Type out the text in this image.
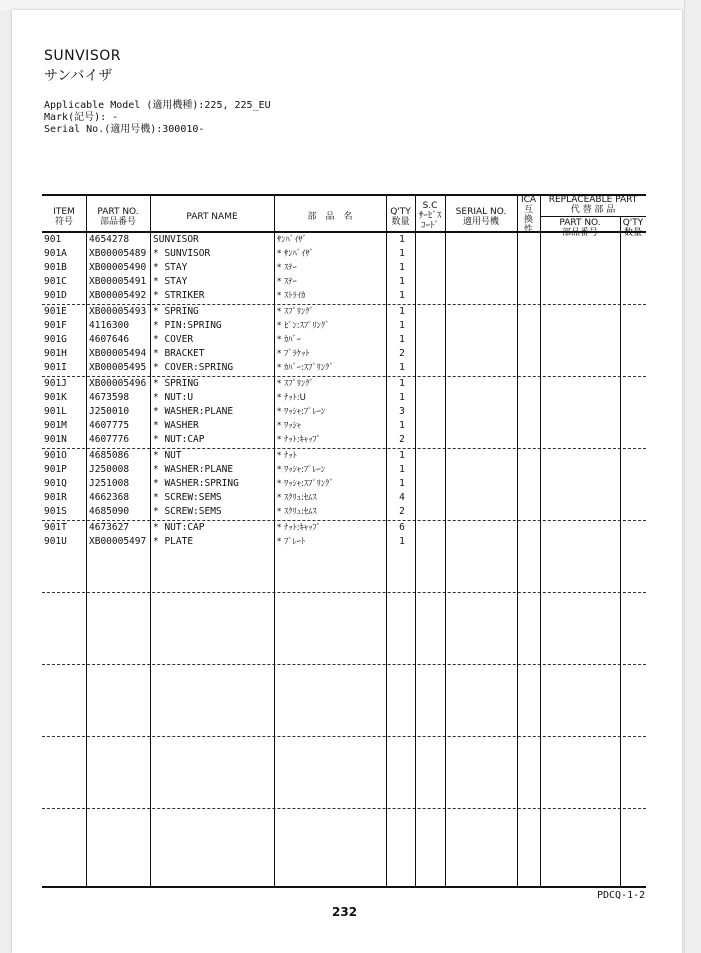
SUNVISOR
サンバイザ
Applicable Model (適用機種):225, 225_EU
Mark(記号): -
Serial No.(適用号機):300010-
ITEM
符号
PART NO.
部品番号	PART NAME	部　品　名	Q'TY
数量
S.C
ｻｰﾋﾞｽ
ｺｰﾄﾞ
SERIAL NO.
適用号機
ICA
互
換
性
REPLACEABLE PART
代 替 部 品
PART NO.
部品番号
Q'TY
数量
901	4654278	SUNVISOR	ｻﾝﾊﾞｲｻﾞ	1
901A XB00005489 * SUNVISOR	* ｻﾝﾊﾞｲｻﾞ	1
901B XB00005490 * STAY	* ｽﾃｰ	1
901C XB00005491 * STAY	* ｽﾃｰ	1
901D XB00005492 * STRIKER	* ｽﾄﾗｲｶ	1
901E XB00005493 * SPRING	* ｽﾌﾟﾘﾝｸﾞ	1
901F 4116300	* PIN:SPRING	* ﾋﾟﾝ:ｽﾌﾟﾘﾝｸﾞ	1
901G 4607646	* COVER	* ｶﾊﾞｰ	1
901H XB00005494 * BRACKET	* ﾌﾞﾗｹｯﾄ	2
901I XB00005495 * COVER:SPRING	* ｶﾊﾞｰ:ｽﾌﾟﾘﾝｸﾞ	1
901J XB00005496 * SPRING	* ｽﾌﾟﾘﾝｸﾞ	1
901K 4673598	* NUT:U	* ﾅｯﾄ:U	1
901L J250010	* WASHER:PLANE	* ﾜｯｼｬ:ﾌﾟﾚｰﾝ	3
901M 4607775	* WASHER	* ﾜｯｼｬ	1
901N 4607776	* NUT:CAP	* ﾅｯﾄ:ｷｬｯﾌﾟ	2
901O 4685086	* NUT	* ﾅｯﾄ	1
901P J250008	* WASHER:PLANE	* ﾜｯｼｬ:ﾌﾟﾚｰﾝ	1
901Q J251008	* WASHER:SPRING	* ﾜｯｼｬ:ｽﾌﾟﾘﾝｸﾞ	1
901R 4662368	* SCREW:SEMS	* ｽｸﾘｭ:ｾﾑｽ	4
901S 4685090	* SCREW:SEMS	* ｽｸﾘｭ:ｾﾑｽ	2
901T 4673627	* NUT:CAP	* ﾅｯﾄ:ｷｬｯﾌﾟ	6
901U XB00005497 * PLATE	* ﾌﾟﾚｰﾄ	1
PDCQ-1-2
232
